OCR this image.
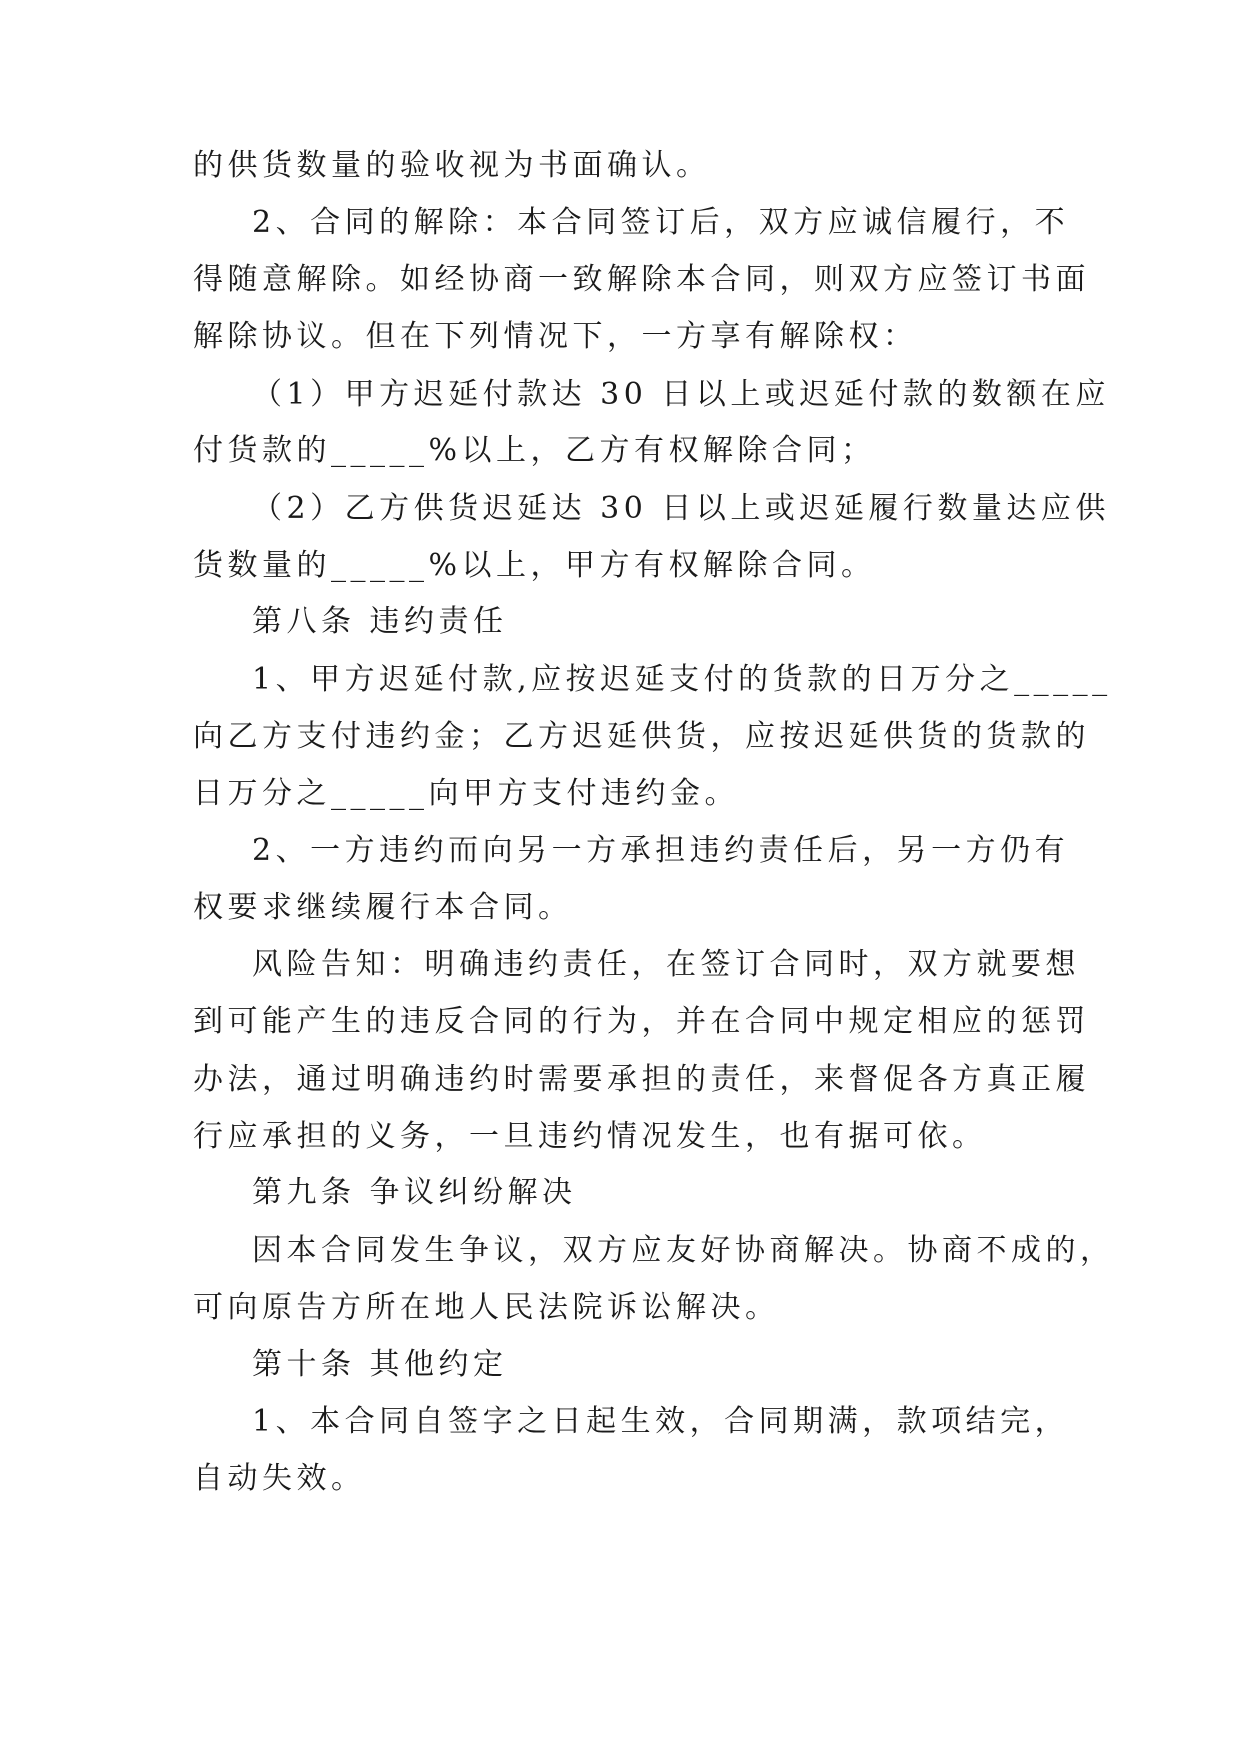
的供货数量的验收视为书面确认。
2、合同的解除：本合同签订后，双方应诚信履行，不
得随意解除。如经协商一致解除本合同，则双方应签订书面
解除协议。但在下列情况下，一方享有解除权：
（1）甲方迟延付款达 30 日以上或迟延付款的数额在应
付货款的_____%以上，乙方有权解除合同；
（2）乙方供货迟延达 30 日以上或迟延履行数量达应供
货数量的_____%以上，甲方有权解除合同。
第八条 违约责任
1、甲方迟延付款,应按迟延支付的货款的日万分之_____
向乙方支付违约金；乙方迟延供货，应按迟延供货的货款的
日万分之_____向甲方支付违约金。
2、一方违约而向另一方承担违约责任后，另一方仍有
权要求继续履行本合同。
风险告知：明确违约责任，在签订合同时，双方就要想
到可能产生的违反合同的行为，并在合同中规定相应的惩罚
办法，通过明确违约时需要承担的责任，来督促各方真正履
行应承担的义务，一旦违约情况发生，也有据可依。
第九条 争议纠纷解决
因本合同发生争议，双方应友好协商解决。协商不成的，
可向原告方所在地人民法院诉讼解决。
第十条 其他约定
1、本合同自签字之日起生效，合同期满，款项结完，
自动失效。
